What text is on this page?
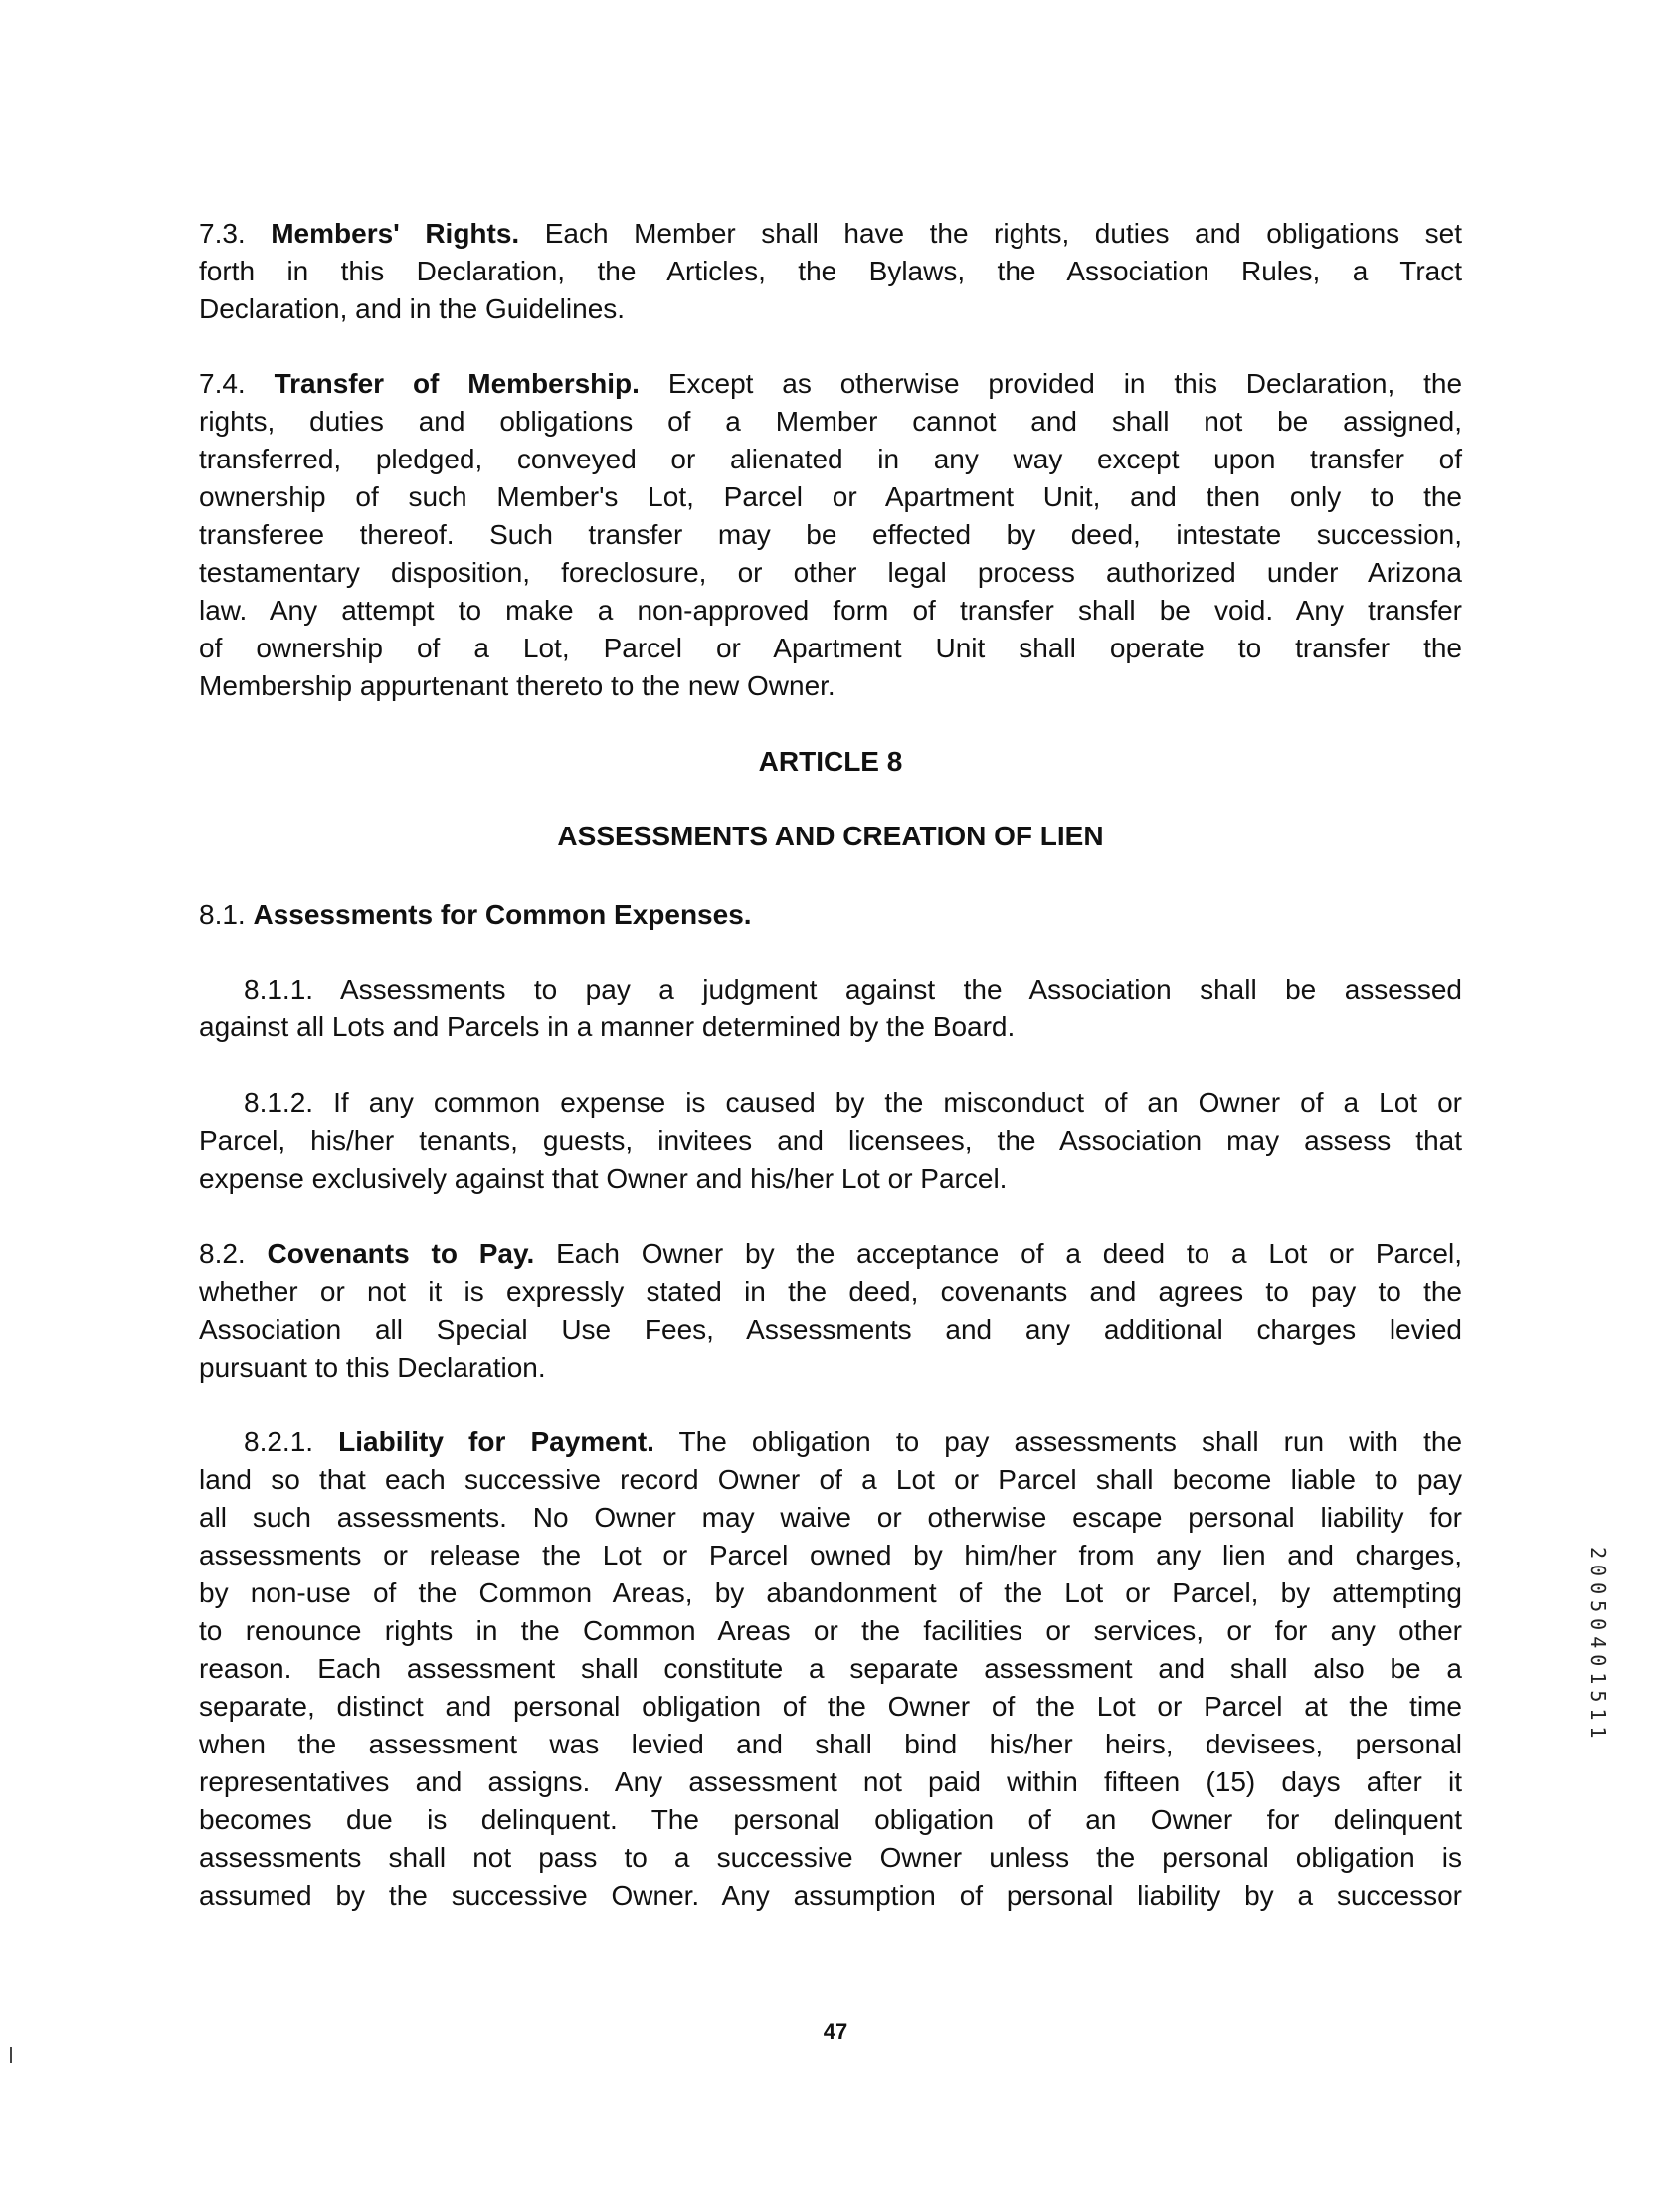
7.3. Members' Rights. Each Member shall have the rights, duties and obligations set
forth in this Declaration, the Articles, the Bylaws, the Association Rules, a Tract
Declaration, and in the Guidelines.
7.4. Transfer of Membership. Except as otherwise provided in this Declaration, the
rights, duties and obligations of a Member cannot and shall not be assigned,
transferred, pledged, conveyed or alienated in any way except upon transfer of
ownership of such Member's Lot, Parcel or Apartment Unit, and then only to the
transferee thereof. Such transfer may be effected by deed, intestate succession,
testamentary disposition, foreclosure, or other legal process authorized under Arizona
law. Any attempt to make a non-approved form of transfer shall be void. Any transfer
of ownership of a Lot, Parcel or Apartment Unit shall operate to transfer the
Membership appurtenant thereto to the new Owner.
ARTICLE 8
ASSESSMENTS AND CREATION OF LIEN
8.1. Assessments for Common Expenses.
8.1.1. Assessments to pay a judgment against the Association shall be assessed
against all Lots and Parcels in a manner determined by the Board.
8.1.2. If any common expense is caused by the misconduct of an Owner of a Lot or
Parcel, his/her tenants, guests, invitees and licensees, the Association may assess that
expense exclusively against that Owner and his/her Lot or Parcel.
8.2. Covenants to Pay. Each Owner by the acceptance of a deed to a Lot or Parcel,
whether or not it is expressly stated in the deed, covenants and agrees to pay to the
Association all Special Use Fees, Assessments and any additional charges levied
pursuant to this Declaration.
8.2.1. Liability for Payment. The obligation to pay assessments shall run with the
land so that each successive record Owner of a Lot or Parcel shall become liable to pay
all such assessments. No Owner may waive or otherwise escape personal liability for
assessments or release the Lot or Parcel owned by him/her from any lien and charges,
by non-use of the Common Areas, by abandonment of the Lot or Parcel, by attempting
to renounce rights in the Common Areas or the facilities or services, or for any other
reason. Each assessment shall constitute a separate assessment and shall also be a
separate, distinct and personal obligation of the Owner of the Lot or Parcel at the time
when the assessment was levied and shall bind his/her heirs, devisees, personal
representatives and assigns. Any assessment not paid within fifteen (15) days after it
becomes due is delinquent. The personal obligation of an Owner for delinquent
assessments shall not pass to a successive Owner unless the personal obligation is
assumed by the successive Owner. Any assumption of personal liability by a successor
20050401511
47
